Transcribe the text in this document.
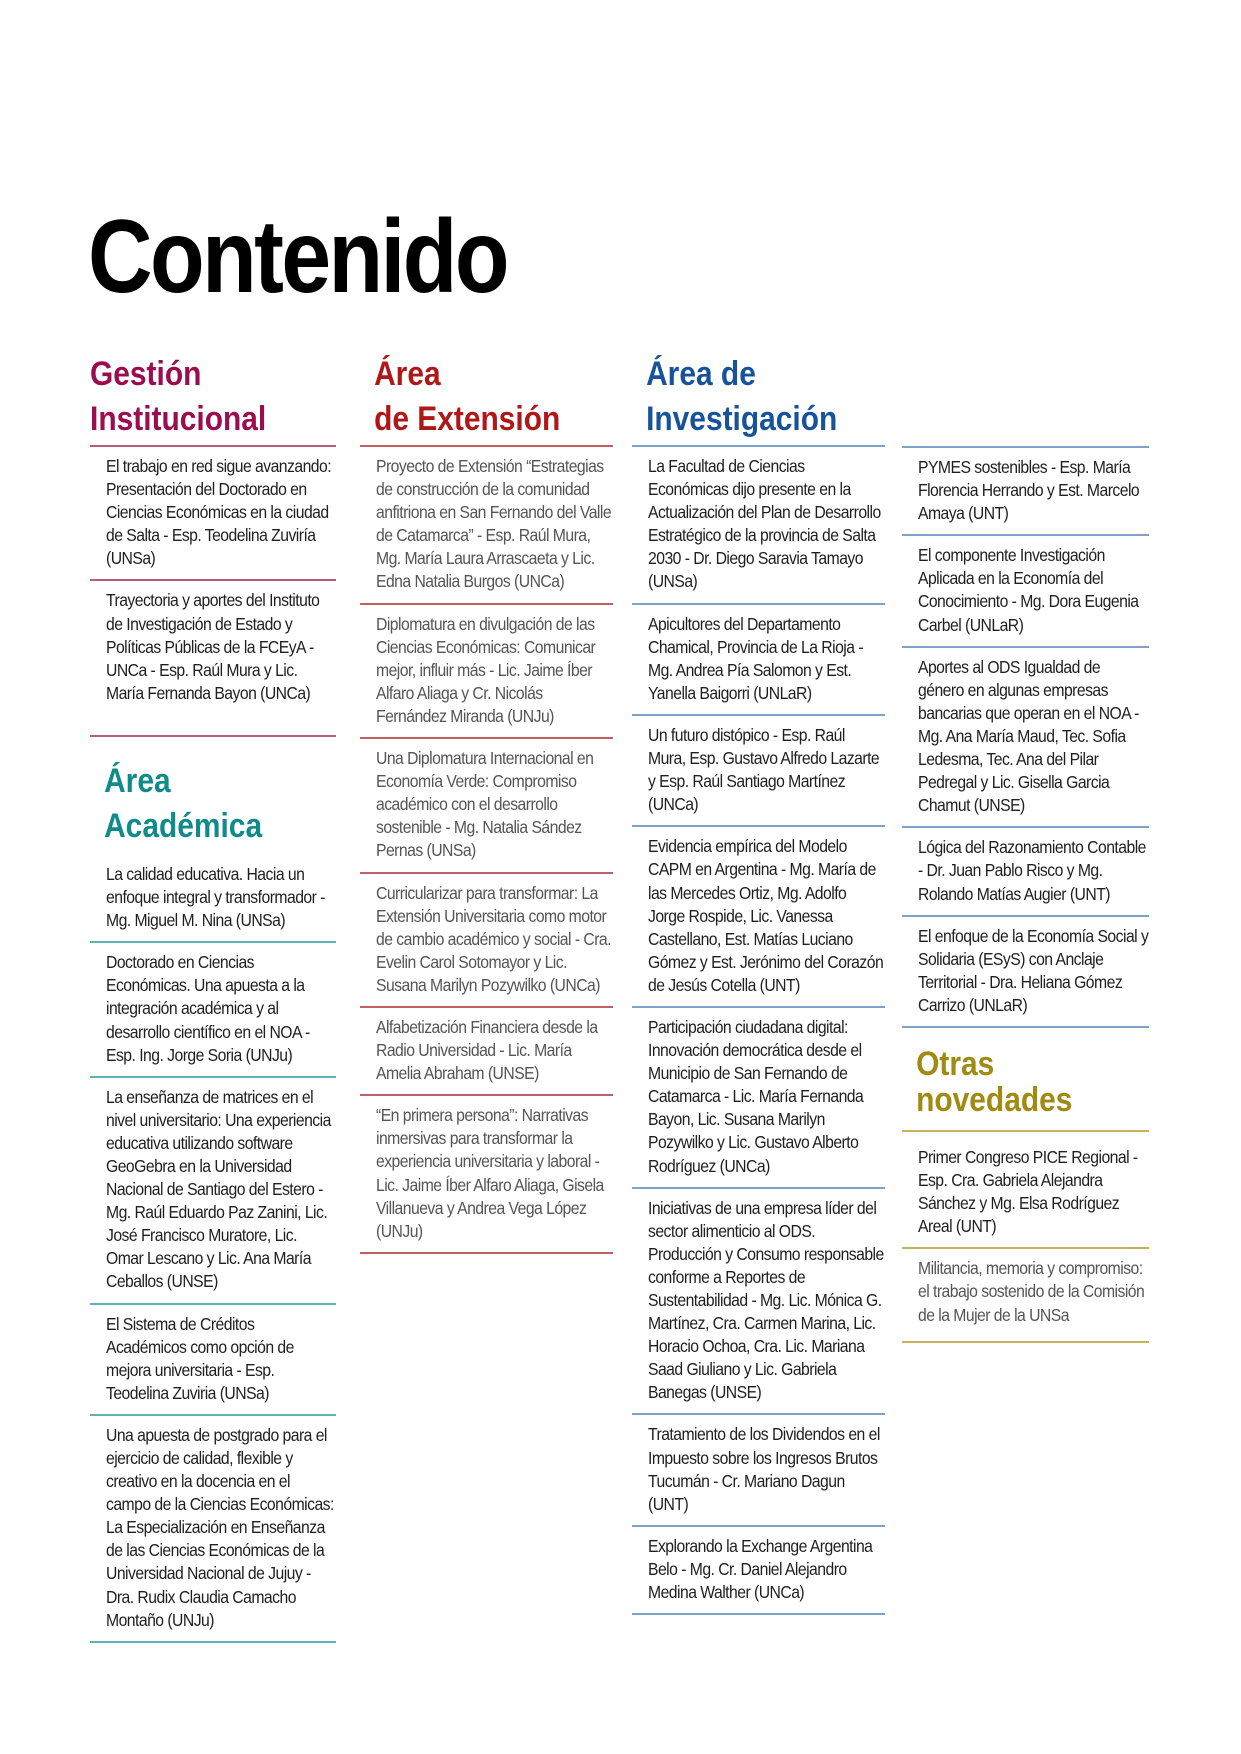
Contenido
Gestión
Institucional
El trabajo en red sigue avanzando: Presentación del Doctorado en Ciencias Económicas en la ciudad de Salta - Esp. Teodelina Zuviría (UNSa)
Trayectoria y aportes del Instituto de Investigación de Estado y Políticas Públicas de la FCEyA - UNCa - Esp. Raúl Mura y Lic. María Fernanda Bayon (UNCa)
Área
Académica
La calidad educativa. Hacia un enfoque integral y transformador - Mg. Miguel M. Nina (UNSa)
Doctorado en Ciencias Económicas. Una apuesta a la integración académica y al desarrollo científico en el NOA - Esp. Ing. Jorge Soria (UNJu)
La enseñanza de matrices en el nivel universitario: Una experiencia educativa utilizando software GeoGebra en la Universidad Nacional de Santiago del Estero - Mg. Raúl Eduardo Paz Zanini, Lic. José Francisco Muratore, Lic. Omar Lescano y Lic. Ana María Ceballos (UNSE)
El Sistema de Créditos Académicos como opción de mejora universitaria - Esp. Teodelina Zuviria (UNSa)
Una apuesta de postgrado para el ejercicio de calidad, flexible y creativo en la docencia en el campo de la Ciencias Económicas: La Especialización en Enseñanza de las Ciencias Económicas de la Universidad Nacional de Jujuy - Dra. Rudix Claudia Camacho Montaño (UNJu)
Área
de Extensión
Proyecto de Extensión “Estrategias de construcción de la comunidad anfitriona en San Fernando del Valle de Catamarca” - Esp. Raúl Mura, Mg. María Laura Arrascaeta y Lic. Edna Natalia Burgos (UNCa)
Diplomatura en divulgación de las Ciencias Económicas: Comunicar mejor, influir más - Lic. Jaime Íber Alfaro Aliaga y Cr. Nicolás Fernández Miranda (UNJu)
Una Diplomatura Internacional en Economía Verde: Compromiso académico con el desarrollo sostenible - Mg. Natalia Sández Pernas (UNSa)
Curricularizar para transformar: La Extensión Universitaria como motor de cambio académico y social - Cra. Evelin Carol Sotomayor y Lic. Susana Marilyn Pozywilko (UNCa)
Alfabetización Financiera desde la Radio Universidad - Lic. María Amelia Abraham (UNSE)
“En primera persona”: Narrativas inmersivas para transformar la experiencia universitaria y laboral - Lic. Jaime Íber Alfaro Aliaga, Gisela Villanueva y Andrea Vega López (UNJu)
Área de
Investigación
La Facultad de Ciencias Económicas dijo presente en la Actualización del Plan de Desarrollo Estratégico de la provincia de Salta 2030 - Dr. Diego Saravia Tamayo (UNSa)
Apicultores del Departamento Chamical, Provincia de La Rioja - Mg. Andrea Pía Salomon y Est. Yanella Baigorri (UNLaR)
Un futuro distópico - Esp. Raúl Mura, Esp. Gustavo Alfredo Lazarte y Esp. Raúl Santiago Martínez (UNCa)
Evidencia empírica del Modelo CAPM en Argentina - Mg. María de las Mercedes Ortiz, Mg. Adolfo Jorge Rospide, Lic. Vanessa Castellano, Est. Matías Luciano Gómez y Est. Jerónimo del Corazón de Jesús Cotella (UNT)
Participación ciudadana digital: Innovación democrática desde el Municipio de San Fernando de Catamarca - Lic. María Fernanda Bayon, Lic. Susana Marilyn Pozywilko y Lic. Gustavo Alberto Rodríguez (UNCa)
Iniciativas de una empresa líder del sector alimenticio al ODS. Producción y Consumo responsable conforme a Reportes de Sustentabilidad - Mg. Lic. Mónica G. Martínez, Cra. Carmen Marina, Lic. Horacio Ochoa, Cra. Lic. Mariana Saad Giuliano y Lic. Gabriela Banegas (UNSE)
Tratamiento de los Dividendos en el Impuesto sobre los Ingresos Brutos Tucumán - Cr. Mariano Dagun (UNT)
Explorando la Exchange Argentina Belo - Mg. Cr. Daniel Alejandro Medina Walther (UNCa)
PYMES sostenibles - Esp. María Florencia Herrando y Est. Marcelo Amaya (UNT)
El componente Investigación Aplicada en la Economía del Conocimiento - Mg. Dora Eugenia Carbel (UNLaR)
Aportes al ODS Igualdad de género en algunas empresas bancarias que operan en el NOA - Mg. Ana María Maud, Tec. Sofia Ledesma, Tec. Ana del Pilar Pedregal y Lic. Gisella Garcia Chamut (UNSE)
Lógica del Razonamiento Contable - Dr. Juan Pablo Risco y Mg. Rolando Matías Augier (UNT)
El enfoque de la Economía Social y Solidaria (ESyS) con Anclaje Territorial - Dra. Heliana Gómez Carrizo (UNLaR)
Otras
novedades
Primer Congreso PICE Regional - Esp. Cra. Gabriela Alejandra Sánchez y Mg. Elsa Rodríguez Areal (UNT)
Militancia, memoria y compromiso: el trabajo sostenido de la Comisión de la Mujer de la UNSa
